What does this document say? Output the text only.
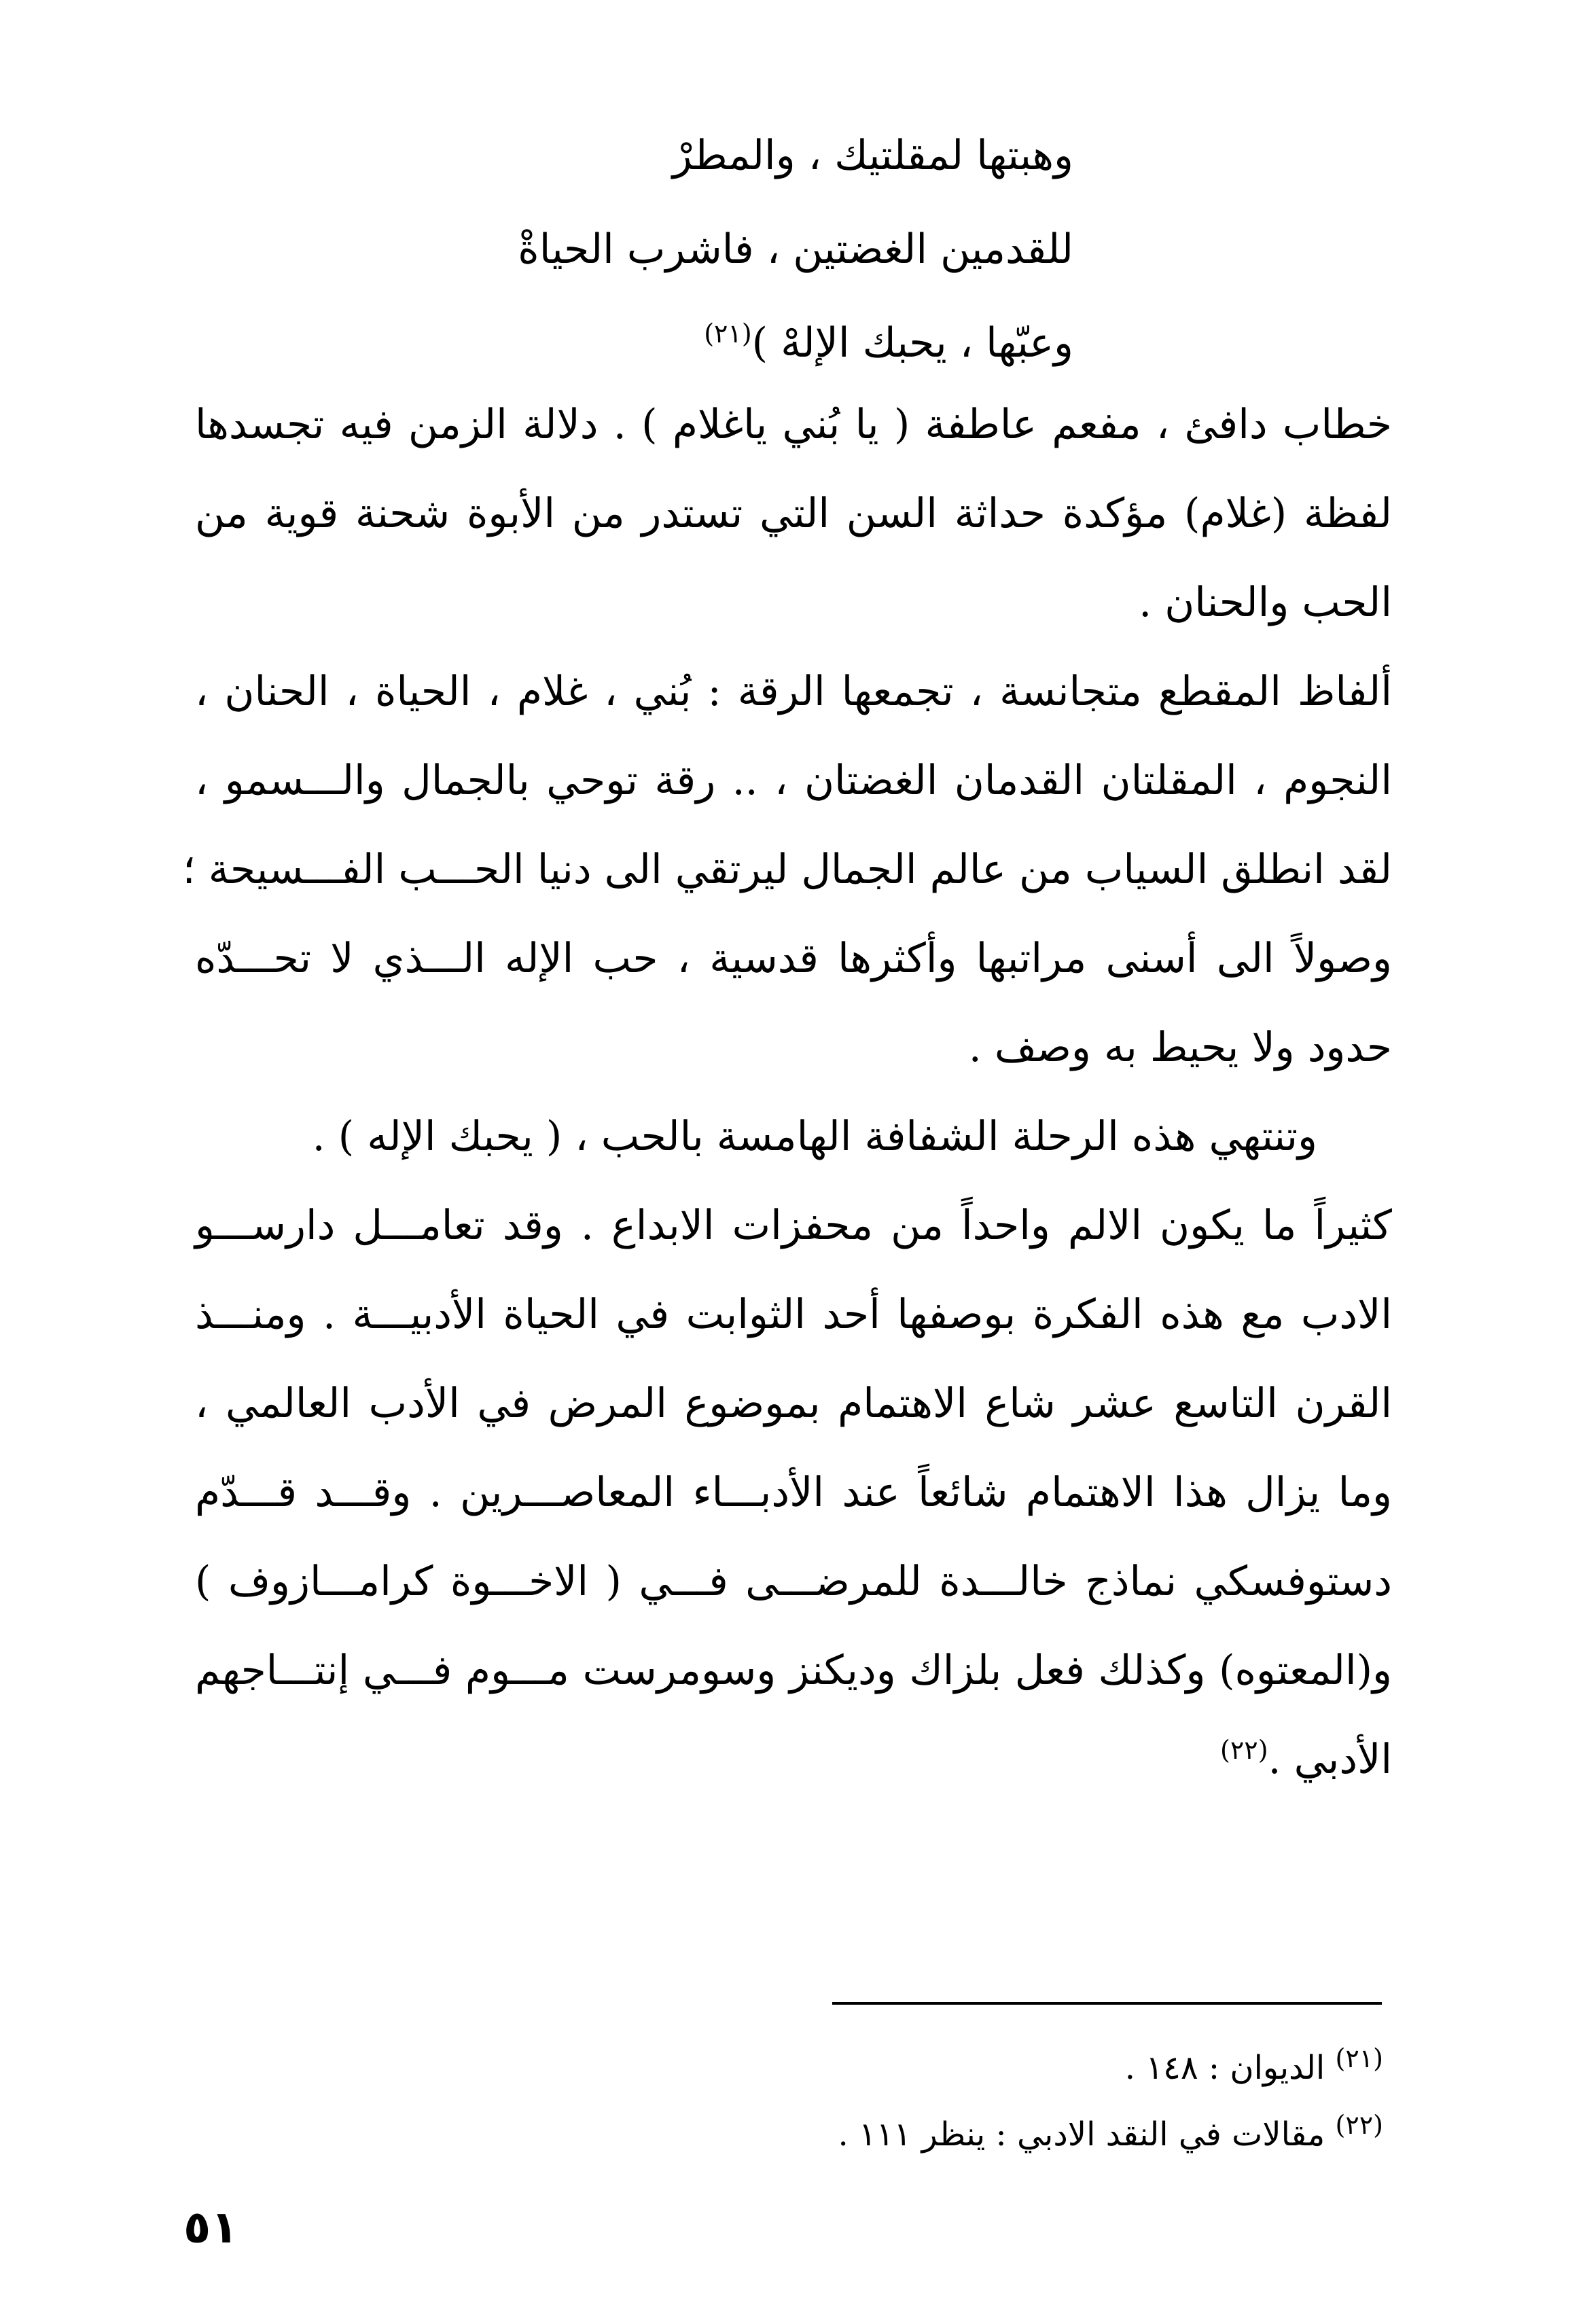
وهبتها لمقلتيك ، والمطرْ
للقدمين الغضتين ، فاشرب الحياةْ
وعبّها ، يحبك الإلهْ )$^{(٢١)}$
خطاب دافئ ، مفعم عاطفة ( يا بُني ياغلام ) . دلالة الزمن فيه تجسدها
لفظة (غلام) مؤكدة حداثة السن التي تستدر من الأبوة شحنة قوية من
الحب والحنان .
ألفاظ المقطع متجانسة ، تجمعها الرقة : بُني ، غلام ، الحياة ، الحنان ،
النجوم ، المقلتان القدمان الغضتان ، .. رقة توحي بالجمال والـــسمو ،
لقد انطلق السياب من عالم الجمال ليرتقي الى دنيا الحـــب الفـــسيحة ؛
وصولاً الى أسنى مراتبها وأكثرها قدسية ، حب الإله الـــذي لا تحـــدّه
حدود ولا يحيط به وصف .
وتنتهي هذه الرحلة الشفافة الهامسة بالحب ، ( يحبك الإله ) .
كثيراً ما يكون الالم واحداً من محفزات الابداع . وقد تعامـــل دارســـو
الادب مع هذه الفكرة بوصفها أحد الثوابت في الحياة الأدبيـــة . ومنـــذ
القرن التاسع عشر شاع الاهتمام بموضوع المرض في الأدب العالمي ،
وما يزال هذا الاهتمام شائعاً عند الأدبـــاء المعاصـــرين . وقـــد قـــدّم
دستوفسكي نماذج خالـــدة للمرضـــى فـــي ( الاخـــوة كرامـــازوف )
و(المعتوه) وكذلك فعل بلزاك وديكنز وسومرست مـــوم فـــي إنتـــاجهم
الأدبي .$^{(٢٢)}$
$^{(٢١)}$ الديوان : ١٤٨ .
$^{(٢٢)}$ مقالات في النقد الادبي : ينظر ١١١ .
٥١
